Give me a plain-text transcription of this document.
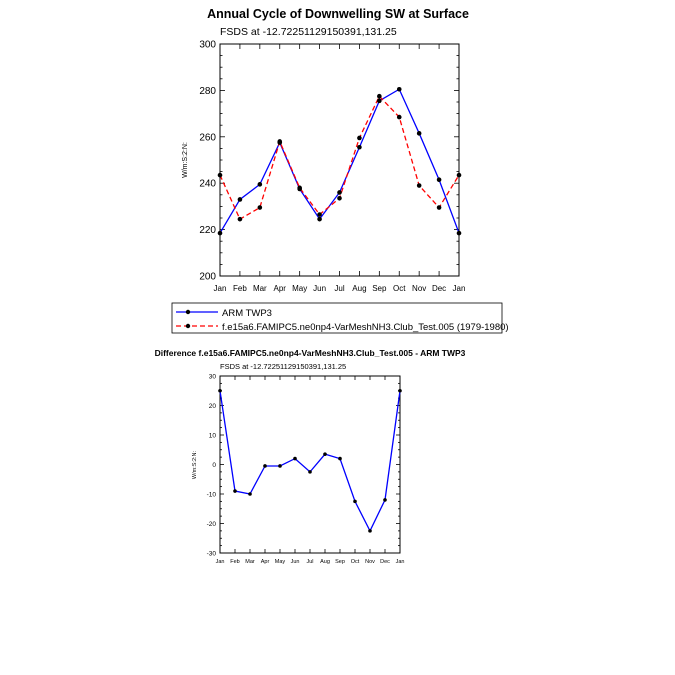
Annual Cycle of Downwelling SW at Surface
FSDS at -12.72251129150391,131.25
W/m:S:2:N:
200
220
240
260
280
300
Jan Feb Mar Apr May Jun Jul Aug Sep Oct Nov Dec Jan
ARM TWP3
f.e15a6.FAMIPC5.ne0np4-VarMeshNH3.Club_Test.005 (1979-1980)
Difference f.e15a6.FAMIPC5.ne0np4-VarMeshNH3.Club_Test.005 - ARM TWP3
FSDS at -12.72251129150391,131.25
W/m:S:2:N:
-30
-20
-10
0
10
20
30
Jan Feb Mar Apr May Jun Jul Aug Sep Oct Nov Dec Jan
